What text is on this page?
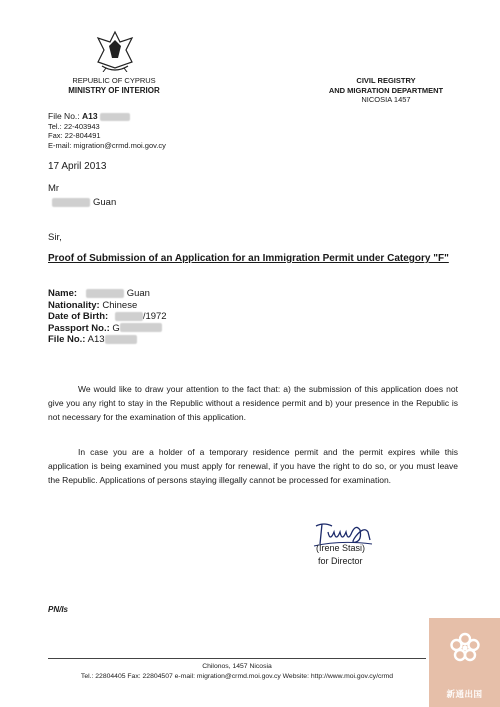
REPUBLIC OF CYPRUS
MINISTRY OF INTERIOR
CIVIL REGISTRY
AND MIGRATION DEPARTMENT
NICOSIA 1457
File No.: A13
Tel.: 22-403943
Fax: 22-804491
E-mail: migration@crmd.moi.gov.cy
17 April 2013
Mr
Guan
Sir,
Proof of Submission of an Application for an Immigration Permit under Category "F"
Name:	Guan
Nationality: Chinese
Date of Birth:	/1972
Passport No.: G
File No.: A13
We would like to draw your attention to the fact that: a) the submission of this application does not give you any right to stay in the Republic without a residence permit and b) your presence in the Republic is not necessary for the examination of this application.
In case you are a holder of a temporary residence permit and the permit expires while this application is being examined you must apply for renewal, if you have the right to do so, or you must leave the Republic. Applications of persons staying illegally cannot be processed for examination.
(Irene Stasi)
for Director
PN/Is
Chilonos, 1457 Nicosia
Tel.: 22804405 Fax: 22804507 e-mail: migration@crmd.moi.gov.cy Website: http://www.moi.gov.cy/crmd
新通出国
